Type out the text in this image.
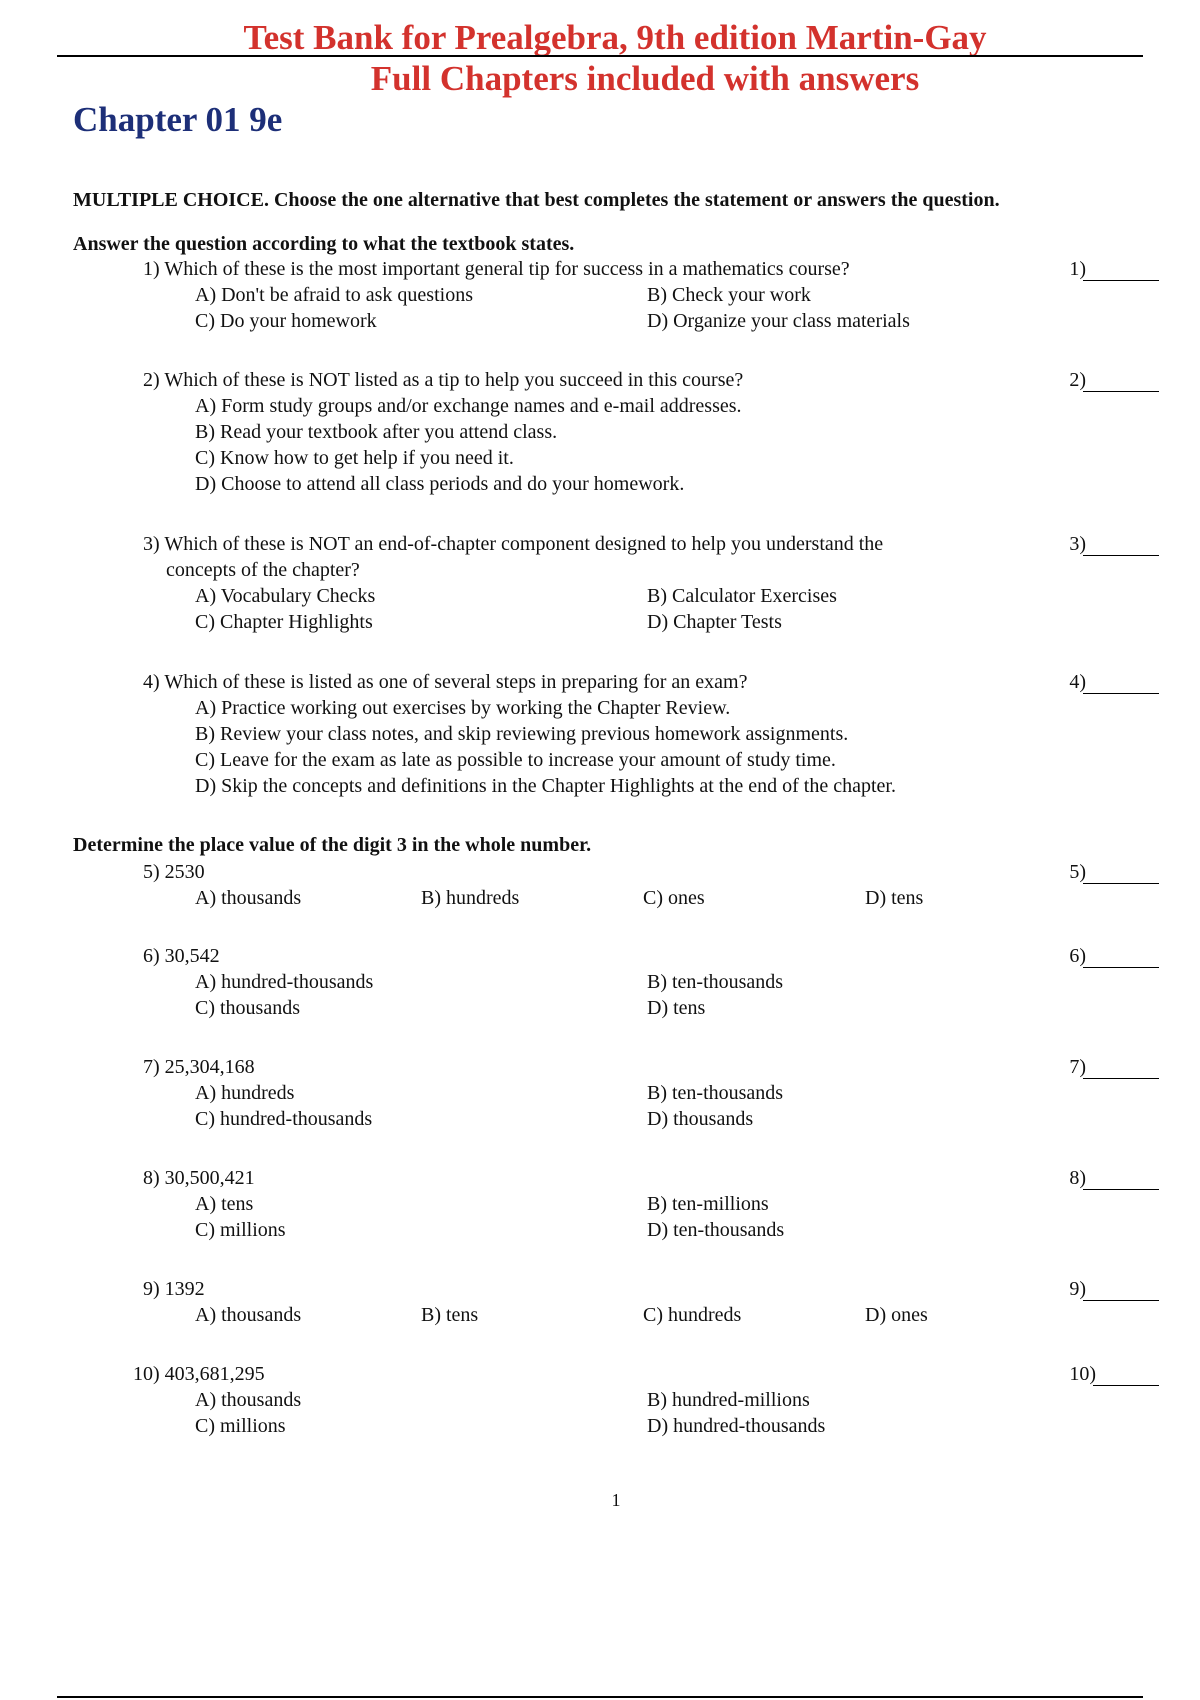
Test Bank for Prealgebra, 9th edition Martin-Gay
Full Chapters included with answers
Chapter 01 9e
MULTIPLE CHOICE. Choose the one alternative that best completes the statement or answers the question.
Answer the question according to what the textbook states.
1) Which of these is the most important general tip for success in a mathematics course?	1)
A) Don't be afraid to ask questions	B) Check your work
C) Do your homework	D) Organize your class materials
2) Which of these is NOT listed as a tip to help you succeed in this course?	2)
A) Form study groups and/or exchange names and e-mail addresses.
B) Read your textbook after you attend class.
C) Know how to get help if you need it.
D) Choose to attend all class periods and do your homework.
3) Which of these is NOT an end-of-chapter component designed to help you understand the
concepts of the chapter?
3)
A) Vocabulary Checks	B) Calculator Exercises
C) Chapter Highlights	D) Chapter Tests
4) Which of these is listed as one of several steps in preparing for an exam?	4)
A) Practice working out exercises by working the Chapter Review.
B) Review your class notes, and skip reviewing previous homework assignments.
C) Leave for the exam as late as possible to increase your amount of study time.
D) Skip the concepts and definitions in the Chapter Highlights at the end of the chapter.
Determine the place value of the digit 3 in the whole number.
5) 2530	5)
A) thousands	B) hundreds	C) ones	D) tens
6) 30,542	6)
A) hundred-thousands	B) ten-thousands
C) thousands	D) tens
7) 25,304,168	7)
A) hundreds	B) ten-thousands
C) hundred-thousands	D) thousands
8) 30,500,421	8)
A) tens	B) ten-millions
C) millions	D) ten-thousands
9) 1392	9)
A) thousands	B) tens	C) hundreds	D) ones
10) 403,681,295	10)
A) thousands	B) hundred-millions
C) millions	D) hundred-thousands
1
